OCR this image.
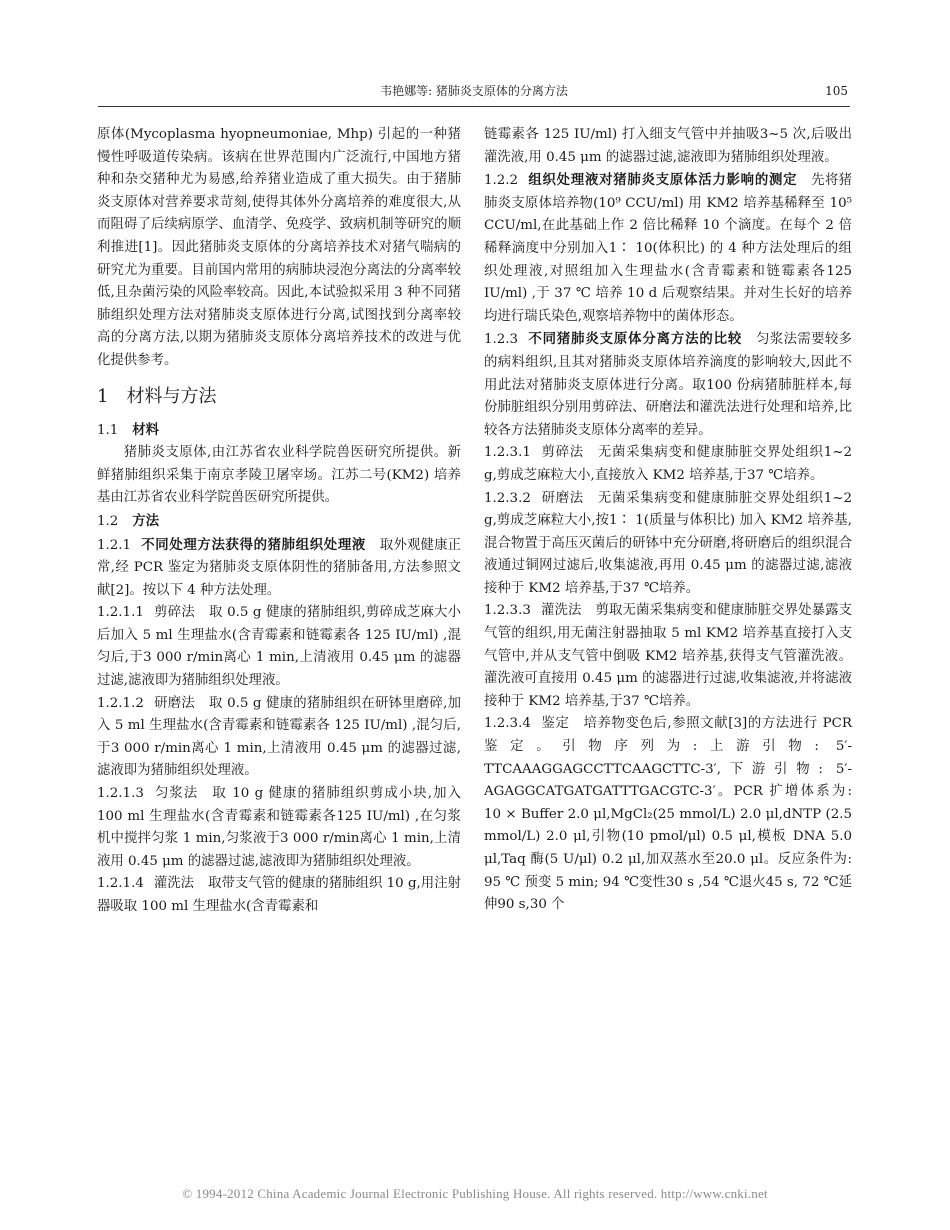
韦艳娜等: 猪肺炎支原体的分离方法	105

原体(Mycoplasma hyopneumoniae, Mhp) 引起的一种猪慢性呼吸道传染病。该病在世界范围内广泛流行,中国地方猪种和杂交猪种尤为易感,给养猪业造成了重大损失。由于猪肺炎支原体对营养要求苛刻,使得其体外分离培养的难度很大,从而阻碍了后续病原学、血清学、免疫学、致病机制等研究的顺利推进[1]。因此猪肺炎支原体的分离培养技术对猪气喘病的研究尤为重要。目前国内常用的病肺块浸泡分离法的分离率较低,且杂菌污染的风险率较高。因此,本试验拟采用 3 种不同猪肺组织处理方法对猪肺炎支原体进行分离,试图找到分离率较高的分离方法,以期为猪肺炎支原体分离培养技术的改进与优化提供参考。

1 材料与方法

1.1 材料

猪肺炎支原体,由江苏省农业科学院兽医研究所提供。新鲜猪肺组织采集于南京孝陵卫屠宰场。江苏二号(KM2) 培养基由江苏省农业科学院兽医研究所提供。

1.2 方法

1.2.1 不同处理方法获得的猪肺组织处理液 取外观健康正常,经 PCR 鉴定为猪肺炎支原体阴性的猪肺备用,方法参照文献[2]。按以下 4 种方法处理。

1.2.1.1 剪碎法 取 0.5 g 健康的猪肺组织,剪碎成芝麻大小后加入 5 ml 生理盐水(含青霉素和链霉素各 125 IU/ml) ,混匀后,于3 000 r/min离心 1 min,上清液用 0.45 μm 的滤器过滤,滤液即为猪肺组织处理液。

1.2.1.2 研磨法 取 0.5 g 健康的猪肺组织在研钵里磨碎,加入 5 ml 生理盐水(含青霉素和链霉素各 125 IU/ml) ,混匀后,于3 000 r/min离心 1 min,上清液用 0.45 μm 的滤器过滤,滤液即为猪肺组织处理液。

1.2.1.3 匀浆法 取 10 g 健康的猪肺组织剪成小块,加入100 ml 生理盐水(含青霉素和链霉素各125 IU/ml) ,在匀浆机中搅拌匀浆 1 min,匀浆液于3 000 r/min离心 1 min,上清液用 0.45 μm 的滤器过滤,滤液即为猪肺组织处理液。

1.2.1.4 灌洗法 取带支气管的健康的猪肺组织 10 g,用注射器吸取 100 ml 生理盐水(含青霉素和

链霉素各 125 IU/ml) 打入细支气管中并抽吸3~5 次,后吸出灌洗液,用 0.45 μm 的滤器过滤,滤液即为猪肺组织处理液。

1.2.2 组织处理液对猪肺炎支原体活力影响的测定 先将猪肺炎支原体培养物(10⁹ CCU/ml) 用 KM2 培养基稀释至 10⁵ CCU/ml,在此基础上作 2 倍比稀释 10 个滴度。在每个 2 倍稀释滴度中分别加入1∶ 10(体积比) 的 4 种方法处理后的组织处理液,对照组加入生理盐水(含青霉素和链霉素各125 IU/ml) ,于 37 ℃ 培养 10 d 后观察结果。并对生长好的培养均进行瑞氏染色,观察培养物中的菌体形态。

1.2.3 不同猪肺炎支原体分离方法的比较 匀浆法需要较多的病料组织,且其对猪肺炎支原体培养滴度的影响较大,因此不用此法对猪肺炎支原体进行分离。取100 份病猪肺脏样本,每份肺脏组织分别用剪碎法、研磨法和灌洗法进行处理和培养,比较各方法猪肺炎支原体分离率的差异。

1.2.3.1 剪碎法 无菌采集病变和健康肺脏交界处组织1~2 g,剪成芝麻粒大小,直接放入 KM2 培养基,于37 ℃培养。

1.2.3.2 研磨法 无菌采集病变和健康肺脏交界处组织1~2 g,剪成芝麻粒大小,按1∶ 1(质量与体积比) 加入 KM2 培养基,混合物置于高压灭菌后的研钵中充分研磨,将研磨后的组织混合液通过铜网过滤后,收集滤液,再用 0.45 μm 的滤器过滤,滤液接种于 KM2 培养基,于37 ℃培养。

1.2.3.3 灌洗法 剪取无菌采集病变和健康肺脏交界处暴露支气管的组织,用无菌注射器抽取 5 ml KM2 培养基直接打入支气管中,并从支气管中倒吸 KM2 培养基,获得支气管灌洗液。灌洗液可直接用 0.45 μm 的滤器进行过滤,收集滤液,并将滤液接种于 KM2 培养基,于37 ℃培养。

1.2.3.4 鉴定 培养物变色后,参照文献[3]的方法进行 PCR 鉴定。引物序列为:上游引物: 5′-TTCAAAGGAGCCTTCAAGCTTC-3′,下游引物: 5′-AGAGGCATGATGATTTGACGTC-3′。PCR 扩增体系为: 10 × Buffer 2.0 μl,MgCl₂(25 mmol/L) 2.0 μl,dNTP (2.5 mmol/L) 2.0 μl,引物(10 pmol/μl) 0.5 μl,模板 DNA 5.0 μl,Taq 酶(5 U/μl) 0.2 μl,加双蒸水至20.0 μl。反应条件为: 95 ℃ 预变 5 min; 94 ℃变性30 s ,54 ℃退火45 s, 72 ℃延伸90 s,30 个

© 1994-2012 China Academic Journal Electronic Publishing House. All rights reserved. http://www.cnki.net
